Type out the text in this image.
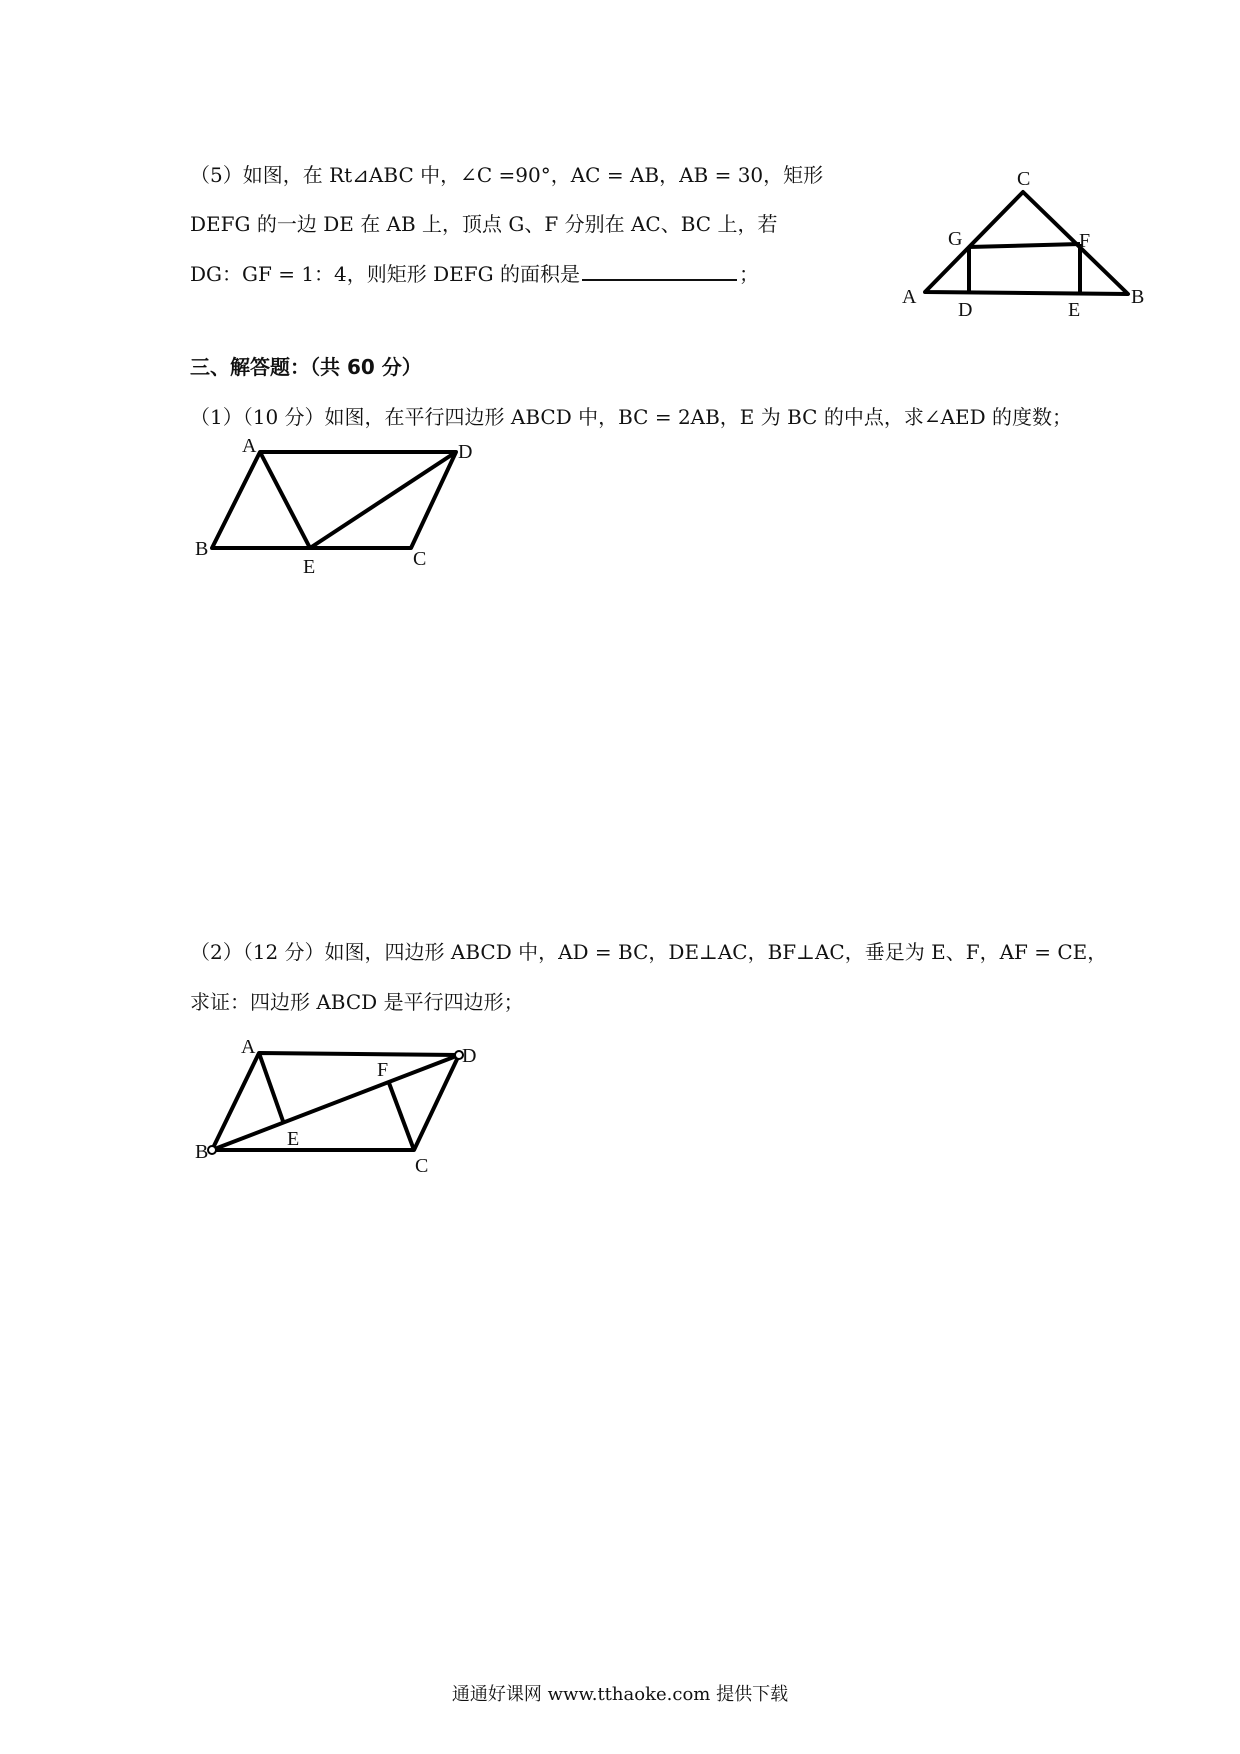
（5）如图，在 Rt⊿ABC 中，∠C =90°，AC = AB，AB = 30，矩形
DEFG 的一边 DE 在 AB 上，顶点 G、F 分别在 AC、BC 上，若
DG：GF = 1：4，则矩形 DEFG 的面积是	；
C
G	F
A
D	E
B
三、解答题：（共 60 分）
（1）（10 分）如图，在平行四边形 ABCD 中，BC = 2AB，E 为 BC 的中点，求∠AED 的度数；
A	D
B
E	C
（2）（12 分）如图，四边形 ABCD 中，AD = BC，DE⊥AC，BF⊥AC，垂足为 E、F，AF = CE，
求证：四边形 ABCD 是平行四边形；
A	D
F
B
E
C
通通好课网 www.tthaoke.com 提供下载
